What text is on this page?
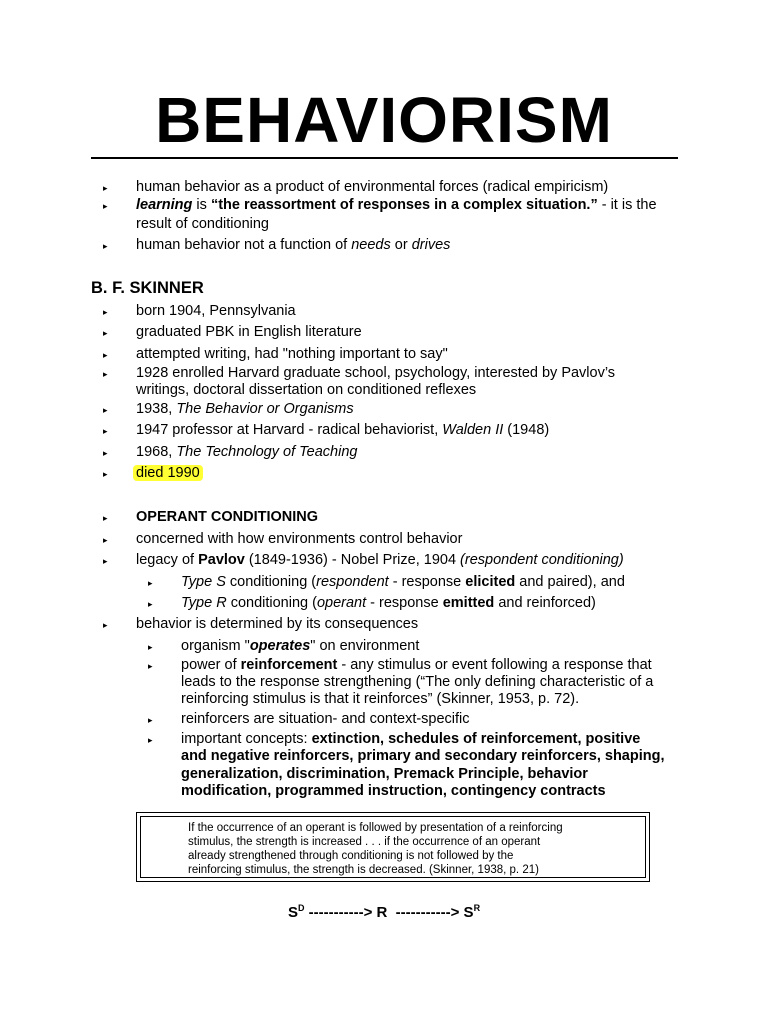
BEHAVIORISM
▸ human behavior as a product of environmental forces (radical empiricism)
▸ learning is “the reassortment of responses in a complex situation.” - it is the
result of conditioning
▸ human behavior not a function of needs or drives
B. F. SKINNER
▸ born 1904, Pennsylvania
▸ graduated PBK in English literature
▸ attempted writing, had "nothing important to say"
▸ 1928 enrolled Harvard graduate school, psychology, interested by Pavlov’s
writings, doctoral dissertation on conditioned reflexes
▸ 1938, The Behavior or Organisms
▸ 1947 professor at Harvard - radical behaviorist, Walden II (1948)
▸ 1968, The Technology of Teaching
▸ died 1990
▸ OPERANT CONDITIONING
▸ concerned with how environments control behavior
▸ legacy of Pavlov (1849-1936) - Nobel Prize, 1904 (respondent conditioning)
▸ Type S conditioning (respondent - response elicited and paired), and
▸ Type R conditioning (operant - response emitted and reinforced)
▸ behavior is determined by its consequences
▸ organism "operates" on environment
▸ power of reinforcement - any stimulus or event following a response that
leads to the response strengthening (“The only defining characteristic of a
reinforcing stimulus is that it reinforces” (Skinner, 1953, p. 72).
▸ reinforcers are situation- and context-specific
▸ important concepts: extinction, schedules of reinforcement, positive
and negative reinforcers, primary and secondary reinforcers, shaping,
generalization, discrimination, Premack Principle, behavior
modification, programmed instruction, contingency contracts
If the occurrence of an operant is followed by presentation of a reinforcing
stimulus, the strength is increased . . . if the occurrence of an operant
already strengthened through conditioning is not followed by the
reinforcing stimulus, the strength is decreased. (Skinner, 1938, p. 21)
$S^D$ -----------> R  -----------> $S^R$
